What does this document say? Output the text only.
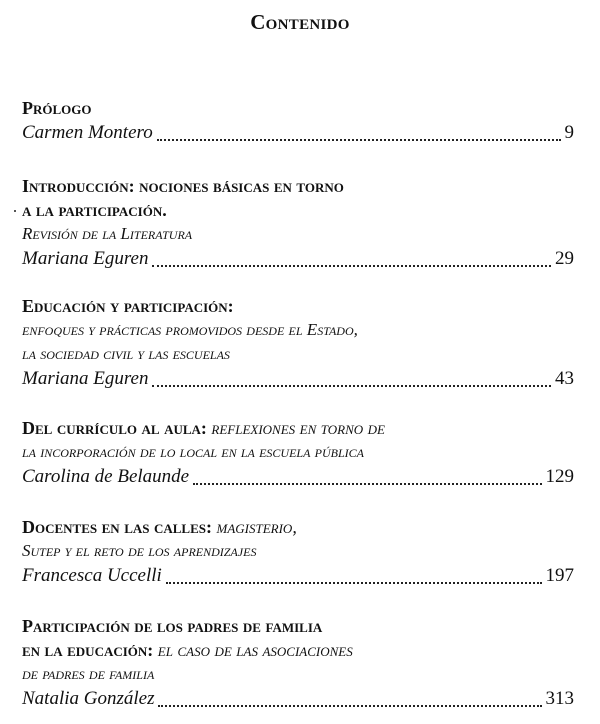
Contenido
Prólogo
Carmen Montero	9
Introducción: nociones básicas en torno
a la participación.
Revisión de la Literatura
Mariana Eguren	29
Educación y participación:
enfoques y prácticas promovidos desde el Estado,
la sociedad civil y las escuelas
Mariana Eguren	43
Del currículo al aula: reflexiones en torno de
la incorporación de lo local en la escuela pública
Carolina de Belaunde	129
Docentes en las calles: magisterio,
Sutep y el reto de los aprendizajes
Francesca Uccelli	197
Participación de los padres de familia
en la educación: el caso de las asociaciones
de padres de familia
Natalia González	313
